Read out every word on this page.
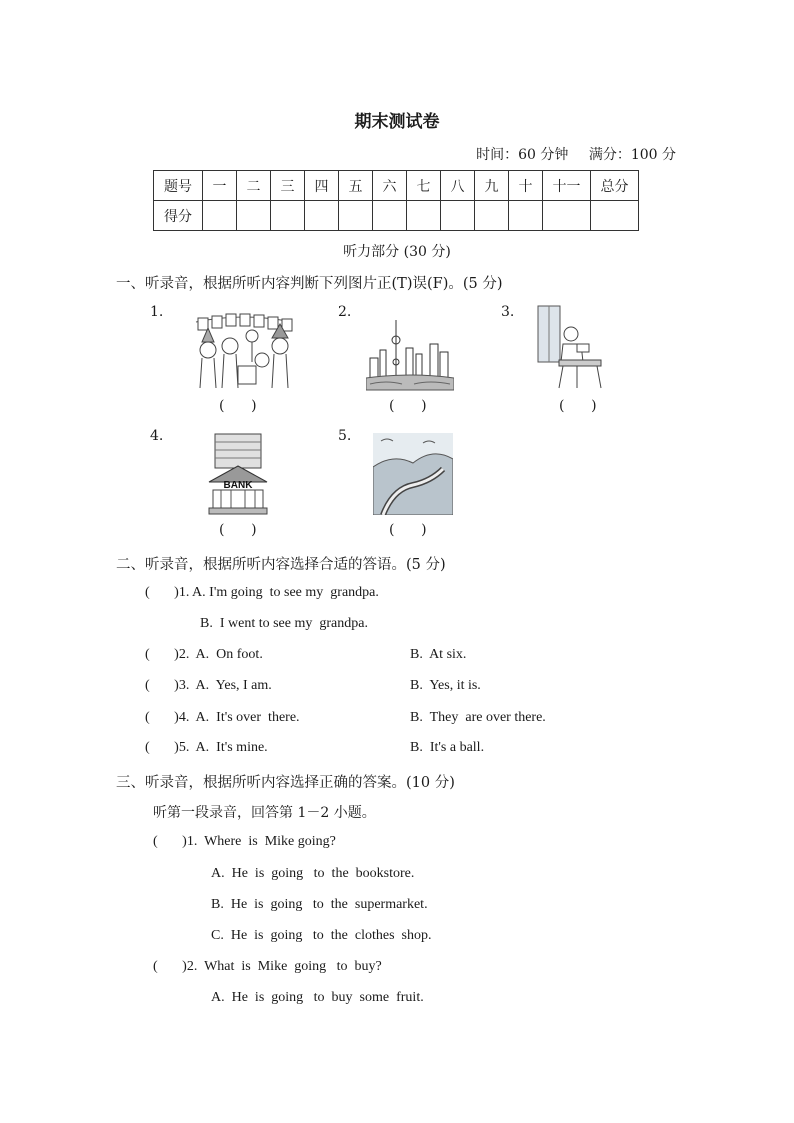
期末测试卷
时间：60 分钟 满分：100 分
题号	一	二	三	四	五	六	七	八	九	十	十一	总分
得分												
听力部分 (30 分)
一、听录音，根据所听内容判断下列图片正(T)误(F)。(5 分)
1.
(      )
2.
(      )
3.
(      )
4.
BANK
(      )
5.
(      )
二、听录音，根据所听内容选择合适的答语。(5 分)
(       )1. A. I'm going  to see my  grandpa.
B.  I went to see my  grandpa.
(       )2.  A.  On foot.	B.  At six.
(       )3.  A.  Yes, I am.	B.  Yes, it is.
(       )4.  A.  It's over  there.	B.  They  are over there.
(       )5.  A.  It's mine.	B.  It's a ball.
三、听录音，根据所听内容选择正确的答案。(10 分)
听第一段录音，回答第 1－2 小题。
(       )1.  Where  is  Mike going?
A.  He  is  going   to  the  bookstore.
B.  He  is  going   to  the  supermarket.
C.  He  is  going   to  the  clothes  shop.
(       )2.  What  is  Mike  going   to  buy?
A.  He  is  going   to  buy  some  fruit.
